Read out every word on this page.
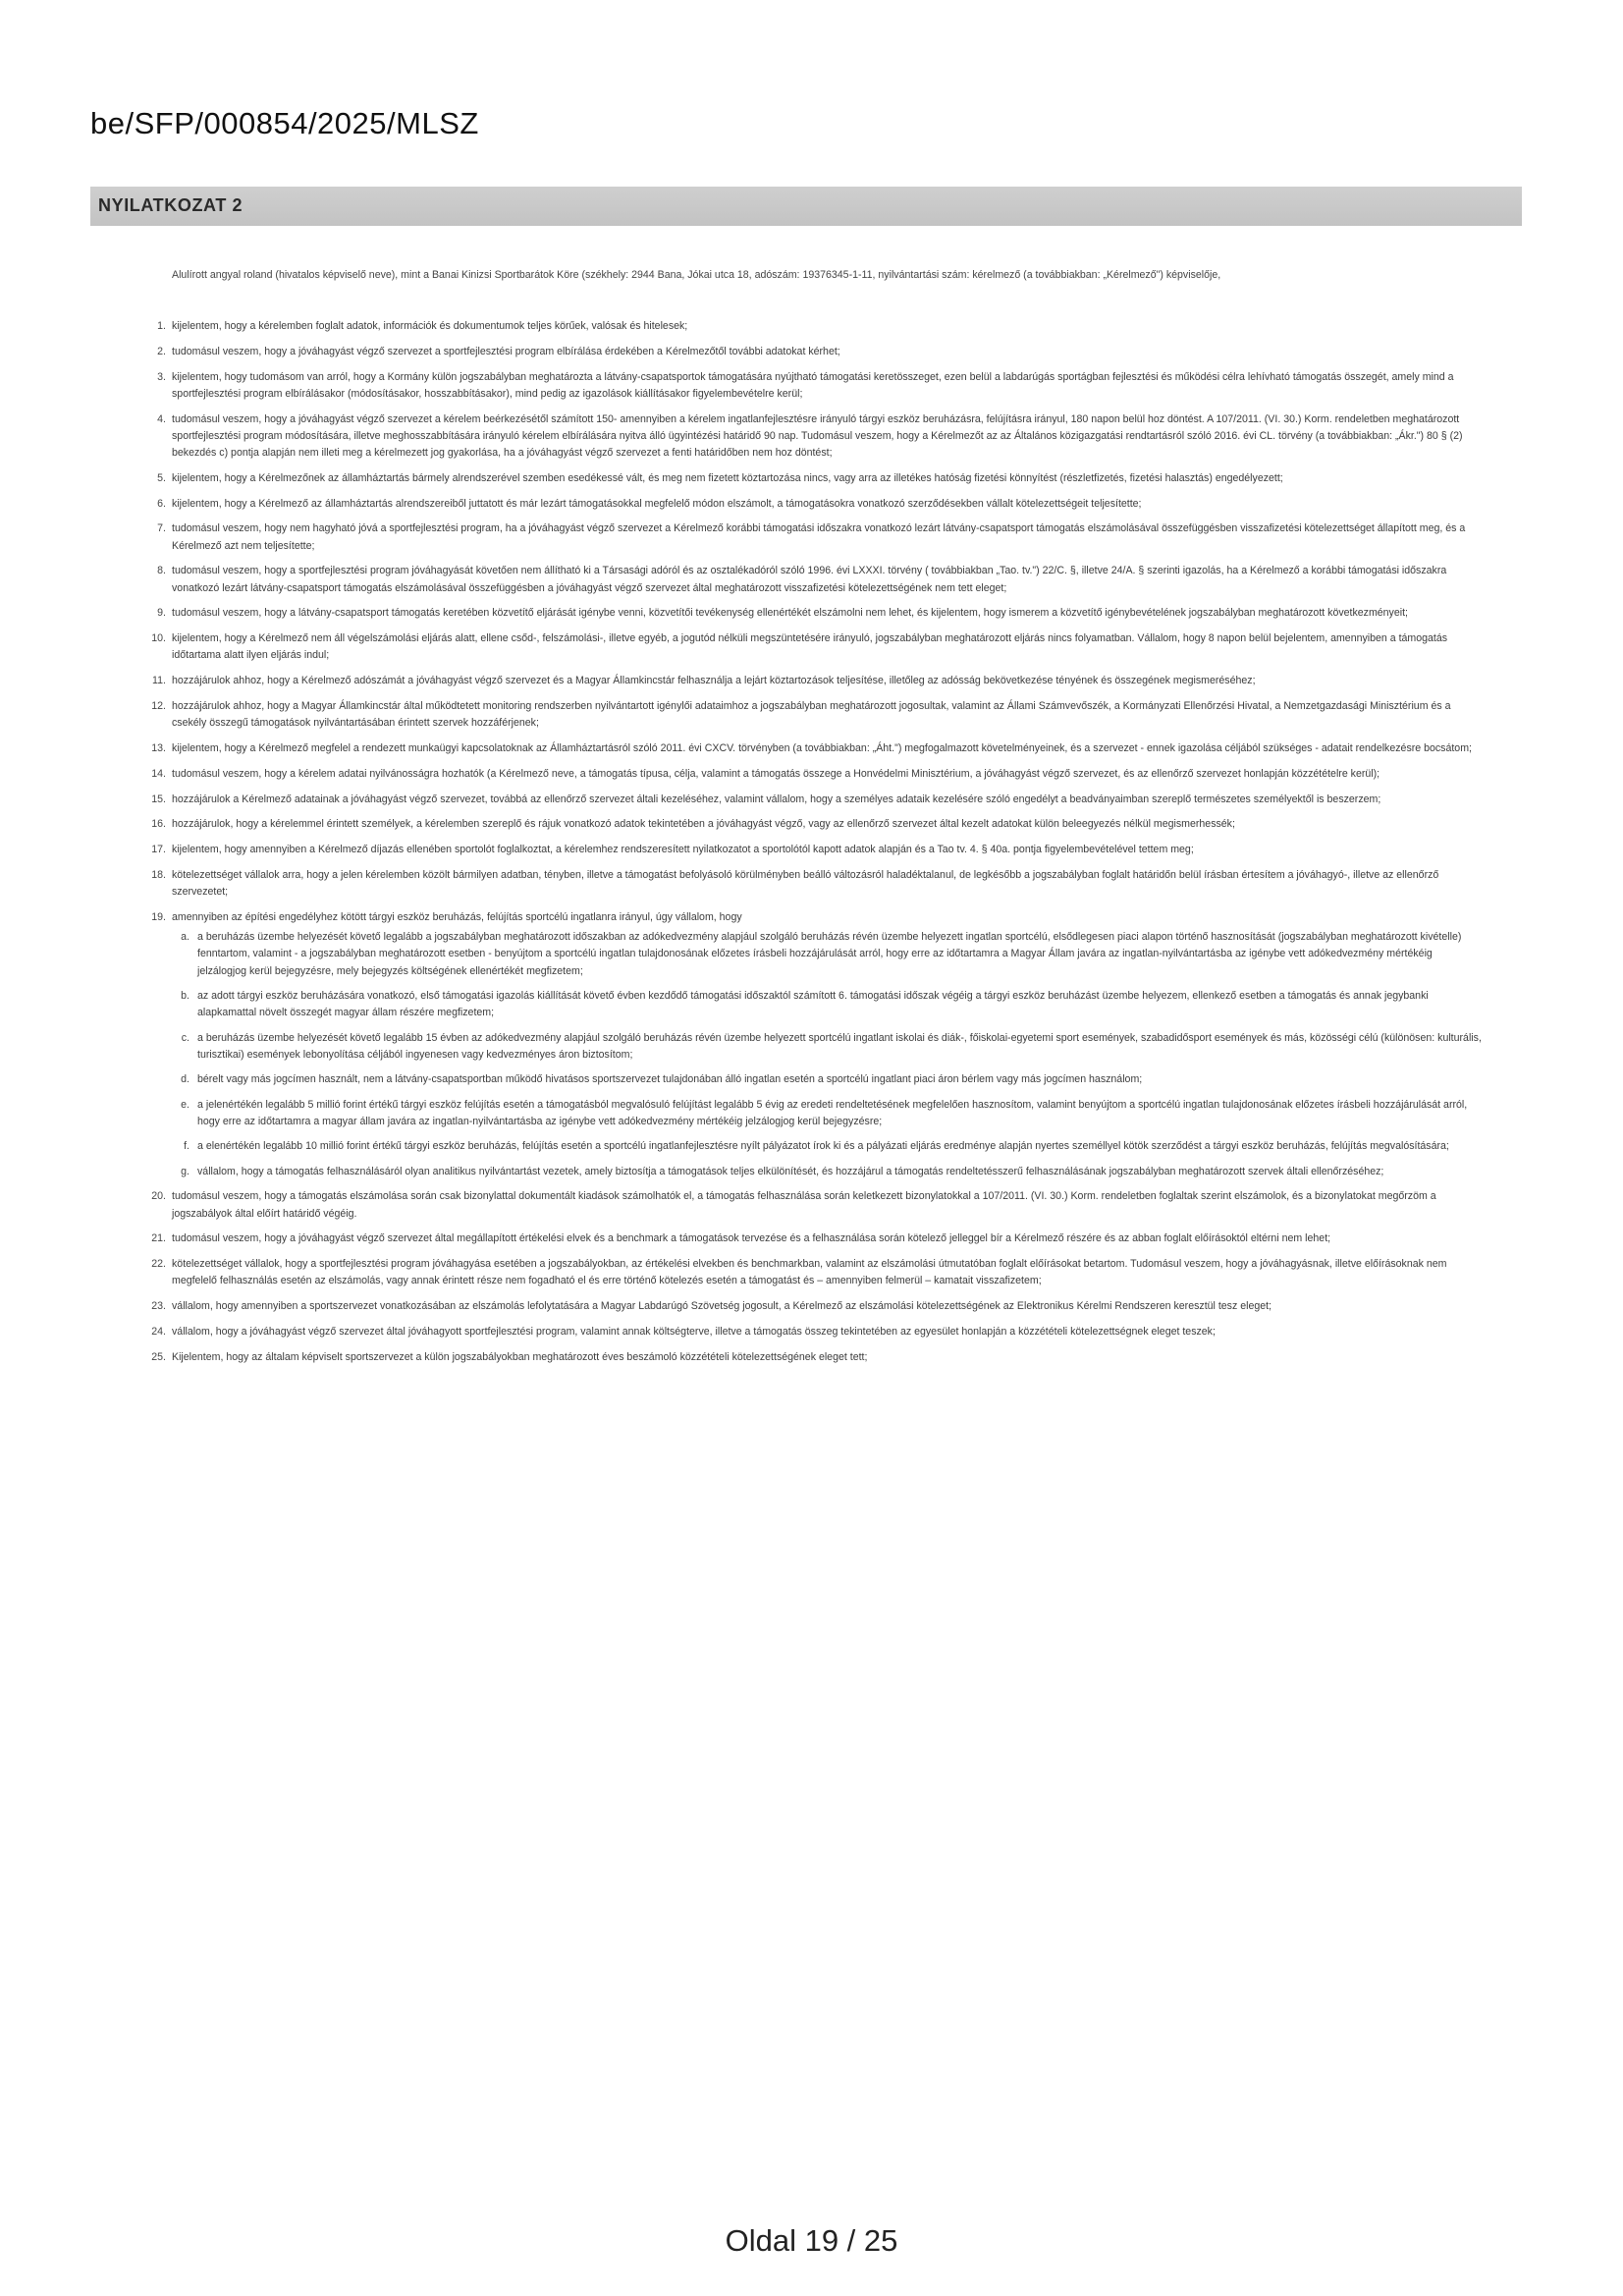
be/SFP/000854/2025/MLSZ
NYILATKOZAT 2
Alulírott angyal roland (hivatalos képviselő neve), mint a Banai Kinizsi Sportbarátok Köre (székhely: 2944 Bana, Jókai utca 18, adószám: 19376345-1-11, nyilvántartási szám: kérelmező (a továbbiakban: „Kérelmező") képviselője,
1. kijelentem, hogy a kérelemben foglalt adatok, információk és dokumentumok teljes körűek, valósak és hitelesek;
2. tudomásul veszem, hogy a jóváhagyást végző szervezet a sportfejlesztési program elbírálása érdekében a Kérelmezőtől további adatokat kérhet;
3. kijelentem, hogy tudomásom van arról, hogy a Kormány külön jogszabályban meghatározta a látvány-csapatsportok támogatására nyújtható támogatási keretösszeget, ezen belül a labdarúgás sportágban fejlesztési és működési célra lehívható támogatás összegét, amely mind a sportfejlesztési program elbírálásakor (módosításakor, hosszabbításakor), mind pedig az igazolások kiállításakor figyelembevételre kerül;
4. tudomásul veszem, hogy a jóváhagyást végző szervezet a kérelem beérkezésétől számított 150- amennyiben a kérelem ingatlanfejlesztésre irányuló tárgyi eszköz beruházásra, felújításra irányul, 180 napon belül hoz döntést. A 107/2011. (VI. 30.) Korm. rendeletben meghatározott sportfejlesztési program módosítására, illetve meghosszabbítására irányuló kérelem elbírálására nyitva álló ügyintézési határidő 90 nap. Tudomásul veszem, hogy a Kérelmezőt az az Általános közigazgatási rendtartásról szóló 2016. évi CL. törvény (a továbbiakban: „Ákr.") 80 § (2) bekezdés c) pontja alapján nem illeti meg a kérelmezett jog gyakorlása, ha a jóváhagyást végző szervezet a fenti határidőben nem hoz döntést;
5. kijelentem, hogy a Kérelmezőnek az államháztartás bármely alrendszerével szemben esedékessé vált, és meg nem fizetett köztartozása nincs, vagy arra az illetékes hatóság fizetési könnyítést (részletfizetés, fizetési halasztás) engedélyezett;
6. kijelentem, hogy a Kérelmező az államháztartás alrendszereiből juttatott és már lezárt támogatásokkal megfelelő módon elszámolt, a támogatásokra vonatkozó szerződésekben vállalt kötelezettségeit teljesítette;
7. tudomásul veszem, hogy nem hagyható jóvá a sportfejlesztési program, ha a jóváhagyást végző szervezet a Kérelmező korábbi támogatási időszakra vonatkozó lezárt látvány-csapatsport támogatás elszámolásával összefüggésben visszafizetési kötelezettséget állapított meg, és a Kérelmező azt nem teljesítette;
8. tudomásul veszem, hogy a sportfejlesztési program jóváhagyását követően nem állítható ki a Társasági adóról és az osztalékadóról szóló 1996. évi LXXXI. törvény ( továbbiakban „Tao. tv.") 22/C. §, illetve 24/A. § szerinti igazolás, ha a Kérelmező a korábbi támogatási időszakra vonatkozó lezárt látvány-csapatsport támogatás elszámolásával összefüggésben a jóváhagyást végző szervezet által meghatározott visszafizetési kötelezettségének nem tett eleget;
9. tudomásul veszem, hogy a látvány-csapatsport támogatás keretében közvetítő eljárását igénybe venni, közvetítői tevékenység ellenértékét elszámolni nem lehet, és kijelentem, hogy ismerem a közvetítő igénybevételének jogszabályban meghatározott következményeit;
10. kijelentem, hogy a Kérelmező nem áll végelszámolási eljárás alatt, ellene csőd-, felszámolási-, illetve egyéb, a jogutód nélküli megszüntetésére irányuló, jogszabályban meghatározott eljárás nincs folyamatban. Vállalom, hogy 8 napon belül bejelentem, amennyiben a támogatás időtartama alatt ilyen eljárás indul;
11. hozzájárulok ahhoz, hogy a Kérelmező adószámát a jóváhagyást végző szervezet és a Magyar Államkincstár felhasználja a lejárt köztartozások teljesítése, illetőleg az adósság bekövetkezése tényének és összegének megismeréséhez;
12. hozzájárulok ahhoz, hogy a Magyar Államkincstár által működtetett monitoring rendszerben nyilvántartott igénylői adataimhoz a jogszabályban meghatározott jogosultak, valamint az Állami Számvevőszék, a Kormányzati Ellenőrzési Hivatal, a Nemzetgazdasági Minisztérium és a csekély összegű támogatások nyilvántartásában érintett szervek hozzáférjenek;
13. kijelentem, hogy a Kérelmező megfelel a rendezett munkaügyi kapcsolatoknak az Államháztartásról szóló 2011. évi CXCV. törvényben (a továbbiakban: „Áht.") megfogalmazott követelményeinek, és a szervezet - ennek igazolása céljából szükséges - adatait rendelkezésre bocsátom;
14. tudomásul veszem, hogy a kérelem adatai nyilvánosságra hozhatók (a Kérelmező neve, a támogatás típusa, célja, valamint a támogatás összege a Honvédelmi Minisztérium, a jóváhagyást végző szervezet, és az ellenőrző szervezet honlapján közzétételre kerül);
15. hozzájárulok a Kérelmező adatainak a jóváhagyást végző szervezet, továbbá az ellenőrző szervezet általi kezeléséhez, valamint vállalom, hogy a személyes adataik kezelésére szóló engedélyt a beadványaimban szereplő természetes személyektől is beszerzem;
16. hozzájárulok, hogy a kérelemmel érintett személyek, a kérelemben szereplő és rájuk vonatkozó adatok tekintetében a jóváhagyást végző, vagy az ellenőrző szervezet által kezelt adatokat külön beleegyezés nélkül megismerhessék;
17. kijelentem, hogy amennyiben a Kérelmező díjazás ellenében sportolót foglalkoztat, a kérelemhez rendszeresített nyilatkozatot a sportolótól kapott adatok alapján és a Tao tv. 4. § 40a. pontja figyelembevételével tettem meg;
18. kötelezettséget vállalok arra, hogy a jelen kérelemben közölt bármilyen adatban, tényben, illetve a támogatást befolyásoló körülményben beálló változásról haladéktalanul, de legkésőbb a jogszabályban foglalt határidőn belül írásban értesítem a jóváhagyó-, illetve az ellenőrző szervezetet;
19. amennyiben az építési engedélyhez kötött tárgyi eszköz beruházás, felújítás sportcélú ingatlanra irányul, úgy vállalom, hogy
a. a beruházás üzembe helyezését követő legalább a jogszabályban meghatározott időszakban az adókedvezmény alapjául szolgáló beruházás révén üzembe helyezett ingatlan sportcélú, elsődlegesen piaci alapon történő hasznosítását (jogszabályban meghatározott kivételle) fenntartom, valamint - a jogszabályban meghatározott esetben - benyújtom a sportcélú ingatlan tulajdonosának előzetes írásbeli hozzájárulását arról, hogy erre az időtartamra a Magyar Állam javára az ingatlan-nyilvántartásba az igénybe vett adókedvezmény mértékéig jelzálogjog kerül bejegyzésre, mely bejegyzés költségének ellenértékét megfizetem;
b. az adott tárgyi eszköz beruházására vonatkozó, első támogatási igazolás kiállítását követő évben kezdődő támogatási időszaktól számított 6. támogatási időszak végéig a tárgyi eszköz beruházást üzembe helyezem, ellenkező esetben a támogatás és annak jegybanki alapkamattal növelt összegét magyar állam részére megfizetem;
c. a beruházás üzembe helyezését követő legalább 15 évben az adókedvezmény alapjául szolgáló beruházás révén üzembe helyezett sportcélú ingatlant iskolai és diák-, főiskolai-egyetemi sport események, szabadidősport események és más, közösségi célú (különösen: kulturális, turisztikai) események lebonyolítása céljából ingyenesen vagy kedvezményes áron biztosítom;
d. bérelt vagy más jogcímen használt, nem a látvány-csapatsportban működő hivatásos sportszervezet tulajdonában álló ingatlan esetén a sportcélú ingatlant piaci áron bérlem vagy más jogcímen használom;
e. a jelenértékén legalább 5 millió forint értékű tárgyi eszköz felújítás esetén a támogatásból megvalósuló felújítást legalább 5 évig az eredeti rendeltetésének megfelelően hasznosítom, valamint benyújtom a sportcélú ingatlan tulajdonosának előzetes írásbeli hozzájárulását arról, hogy erre az időtartamra a magyar állam javára az ingatlan-nyilvántartásba az igénybe vett adókedvezmény mértékéig jelzálogjog kerül bejegyzésre;
f. a elenértékén legalább 10 millió forint értékű tárgyi eszköz beruházás, felújítás esetén a sportcélú ingatlanfejlesztésre nyílt pályázatot írok ki és a pályázati eljárás eredménye alapján nyertes személlyel kötök szerződést a tárgyi eszköz beruházás, felújítás megvalósítására;
g. vállalom, hogy a támogatás felhasználásáról olyan analitikus nyilvántartást vezetek, amely biztosítja a támogatások teljes elkülönítését, és hozzájárul a támogatás rendeltetésszerű felhasználásának jogszabályban meghatározott szervek általi ellenőrzéséhez;
20. tudomásul veszem, hogy a támogatás elszámolása során csak bizonylattal dokumentált kiadások számolhatók el, a támogatás felhasználása során keletkezett bizonylatokkal a 107/2011. (VI. 30.) Korm. rendeletben foglaltak szerint elszámolok, és a bizonylatokat megőrzöm a jogszabályok által előírt határidő végéig.
21. tudomásul veszem, hogy a jóváhagyást végző szervezet által megállapított értékelési elvek és a benchmark a támogatások tervezése és a felhasználása során kötelező jelleggel bír a Kérelmező részére és az abban foglalt előírásoktól eltérni nem lehet;
22. kötelezettséget vállalok, hogy a sportfejlesztési program jóváhagyása esetében a jogszabályokban, az értékelési elvekben és benchmarkban, valamint az elszámolási útmutatóban foglalt előírásokat betartom. Tudomásul veszem, hogy a jóváhagyásnak, illetve előírásoknak nem megfelelő felhasználás esetén az elszámolás, vagy annak érintett része nem fogadható el és erre történő kötelezés esetén a támogatást és – amennyiben felmerül – kamatait visszafizetem;
23. vállalom, hogy amennyiben a sportszervezet vonatkozásában az elszámolás lefolytatására a Magyar Labdarúgó Szövetség jogosult, a Kérelmező az elszámolási kötelezettségének az Elektronikus Kérelmi Rendszeren keresztül tesz eleget;
24. vállalom, hogy a jóváhagyást végző szervezet által jóváhagyott sportfejlesztési program, valamint annak költségterve, illetve a támogatás összeg tekintetében az egyesület honlapján a közzétételi kötelezettségnek eleget teszek;
25. Kijelentem, hogy az általam képviselt sportszervezet a külön jogszabályokban meghatározott éves beszámoló közzétételi kötelezettségének eleget tett;
Oldal 19 / 25
